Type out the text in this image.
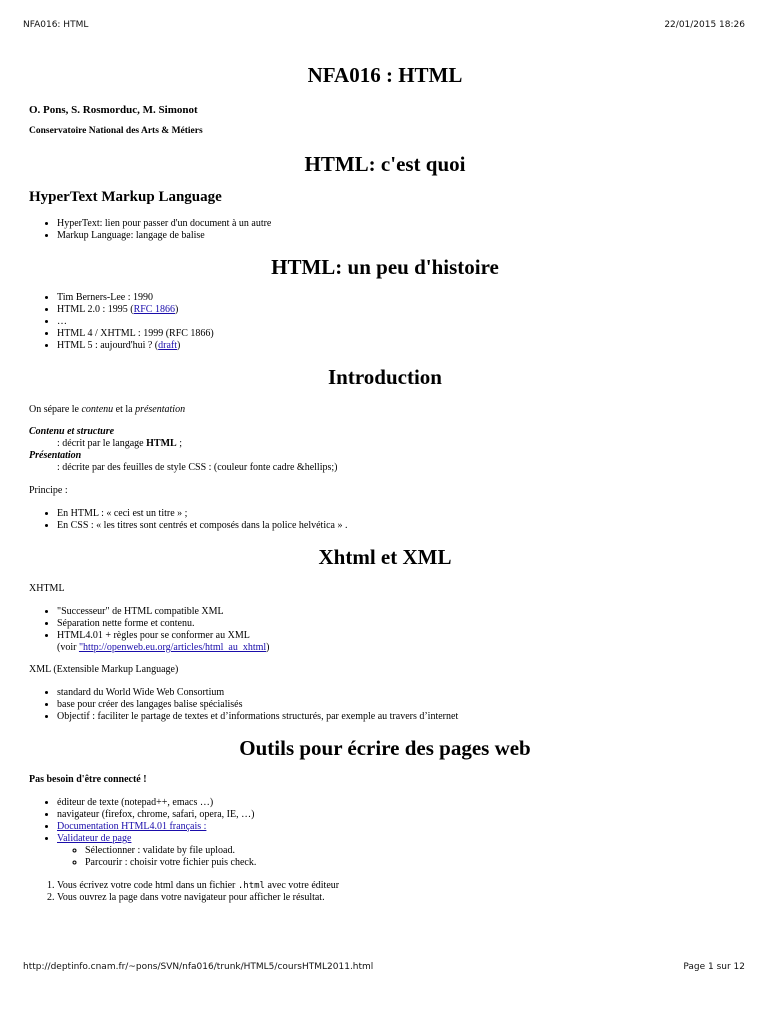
NFA016: HTML	22/01/2015 18:26
NFA016 : HTML
O. Pons, S. Rosmorduc, M. Simonot
Conservatoire National des Arts & Métiers
HTML: c'est quoi
HyperText Markup Language
• HyperText: lien pour passer d'un document à un autre
• Markup Language: langage de balise
HTML: un peu d'histoire
• Tim Berners-Lee : 1990
• HTML 2.0 : 1995 (RFC 1866)
• …
• HTML 4 / XHTML : 1999 (RFC 1866)
• HTML 5 : aujourd'hui ? (draft)
Introduction

On sépare le contenu et la présentation

Contenu et structure
: décrit par le langage HTML ;
Présentation
: décrite par des feuilles de style CSS : (couleur fonte cadre &hellips;)

Principe :

• En HTML : « ceci est un titre » ;
• En CSS : « les titres sont centrés et composés dans la police helvética » .
Xhtml et XML

XHTML

• "Successeur" de HTML compatible XML
• Séparation nette forme et contenu.
• HTML4.01 + règles pour se conformer au XML
(voir "http://openweb.eu.org/articles/html_au_xhtml)

XML (Extensible Markup Language)

• standard du World Wide Web Consortium
• base pour créer des langages balise spécialisés
• Objectif : faciliter le partage de textes et d’informations structurés, par exemple au travers d’internet
Outils pour écrire des pages web

Pas besoin d'être connecté !

• éditeur de texte (notepad++, emacs …)
• navigateur (firefox, chrome, safari, opera, IE, …)
• Documentation HTML4.01 français :
• Validateur de page
◦ Sélectionner : validate by file upload.
◦ Parcourir : choisir votre fichier puis check.
1. Vous écrivez votre code html dans un fichier .html avec votre éditeur
2. Vous ouvrez la page dans votre navigateur pour afficher le résultat.
http://deptinfo.cnam.fr/~pons/SVN/nfa016/trunk/HTML5/coursHTML2011.html	Page 1 sur 12
